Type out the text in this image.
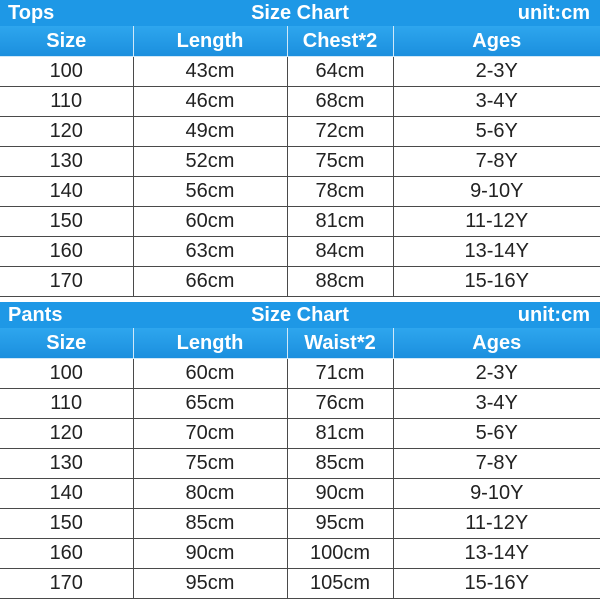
Size Chart
Tops	unit:cm
Size	Length	Chest*2	Ages
100	43cm	64cm	2-3Y
110	46cm	68cm	3-4Y
120	49cm	72cm	5-6Y
130	52cm	75cm	7-8Y
140	56cm	78cm	9-10Y
150	60cm	81cm	11-12Y
160	63cm	84cm	13-14Y
170	66cm	88cm	15-16Y
Size Chart
Pants	unit:cm
Size	Length	Waist*2	Ages
100	60cm	71cm	2-3Y
110	65cm	76cm	3-4Y
120	70cm	81cm	5-6Y
130	75cm	85cm	7-8Y
140	80cm	90cm	9-10Y
150	85cm	95cm	11-12Y
160	90cm	100cm	13-14Y
170	95cm	105cm	15-16Y
